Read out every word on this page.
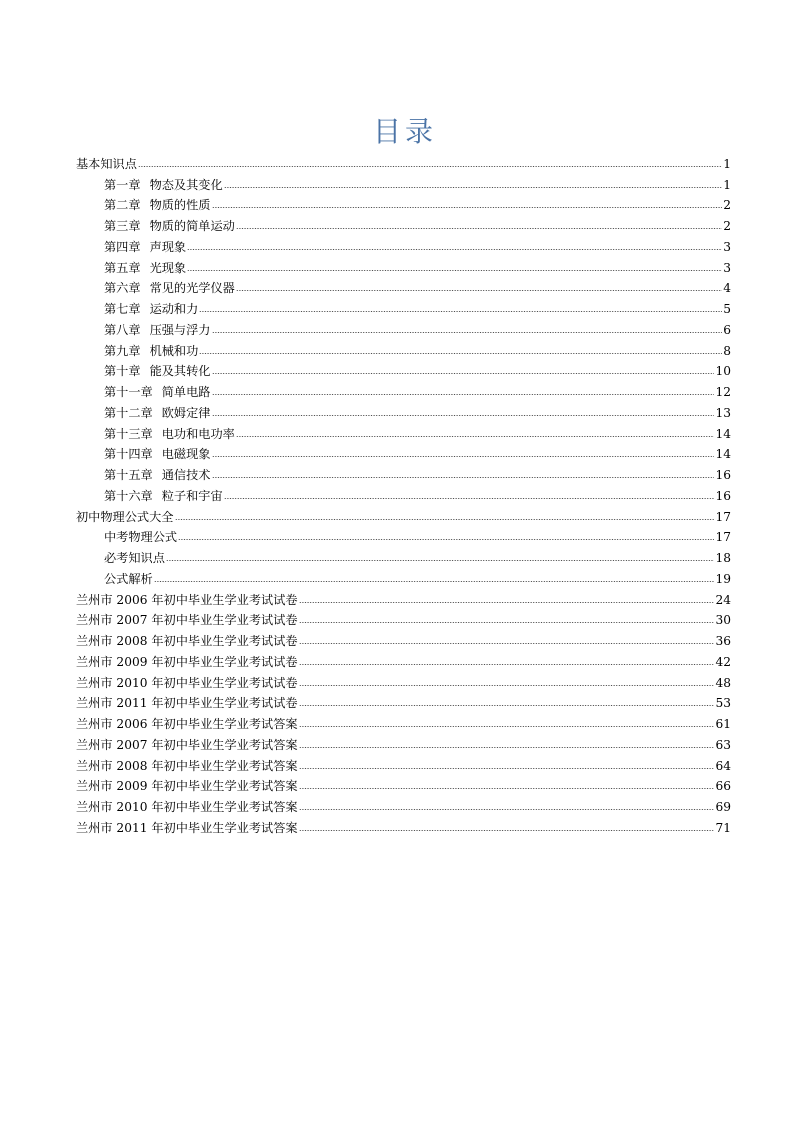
目录
基本知识点	1
第一章 物态及其变化	1
第二章 物质的性质	2
第三章 物质的简单运动	2
第四章 声现象	3
第五章 光现象	3
第六章 常见的光学仪器	4
第七章 运动和力	5
第八章 压强与浮力	6
第九章 机械和功	8
第十章 能及其转化	10
第十一章 简单电路	12
第十二章 欧姆定律	13
第十三章 电功和电功率	14
第十四章 电磁现象	14
第十五章 通信技术	16
第十六章 粒子和宇宙	16
初中物理公式大全	17
中考物理公式	17
必考知识点	18
公式解析	19
兰州市 2006 年初中毕业生学业考试试卷	24
兰州市 2007 年初中毕业生学业考试试卷	30
兰州市 2008 年初中毕业生学业考试试卷	36
兰州市 2009 年初中毕业生学业考试试卷	42
兰州市 2010 年初中毕业生学业考试试卷	48
兰州市 2011 年初中毕业生学业考试试卷	53
兰州市 2006 年初中毕业生学业考试答案	61
兰州市 2007 年初中毕业生学业考试答案	63
兰州市 2008 年初中毕业生学业考试答案	64
兰州市 2009 年初中毕业生学业考试答案	66
兰州市 2010 年初中毕业生学业考试答案	69
兰州市 2011 年初中毕业生学业考试答案	71
